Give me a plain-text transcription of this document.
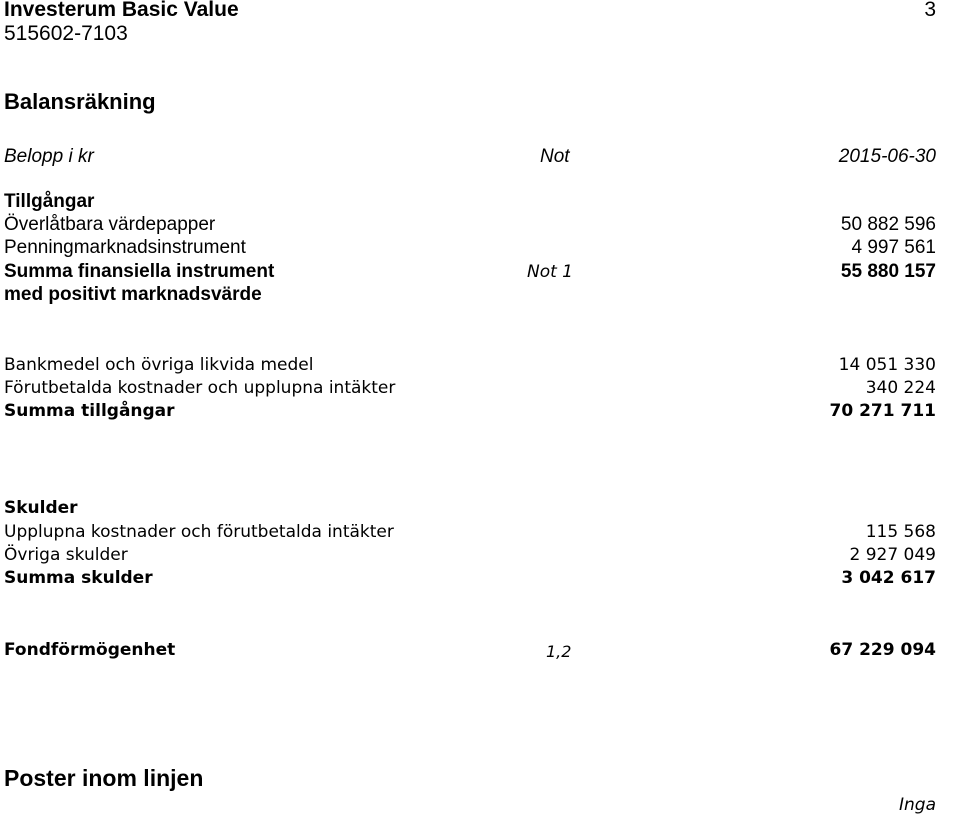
Investerum Basic Value	3
515602-7103
Balansräkning
Belopp i kr	Not	2015-06-30
Tillgångar
Överlåtbara värdepapper	50 882 596
Penningmarknadsinstrument	4 997 561
Summa finansiella instrument	Not 1	55 880 157
med positivt marknadsvärde
Bankmedel och övriga likvida medel	14 051 330
Förutbetalda kostnader och upplupna intäkter	340 224
Summa tillgångar	70 271 711
Skulder
Upplupna kostnader och förutbetalda intäkter	115 568
Övriga skulder	2 927 049
Summa skulder	3 042 617
Fondförmögenhet	1,2	67 229 094
Poster inom linjen
Inga
